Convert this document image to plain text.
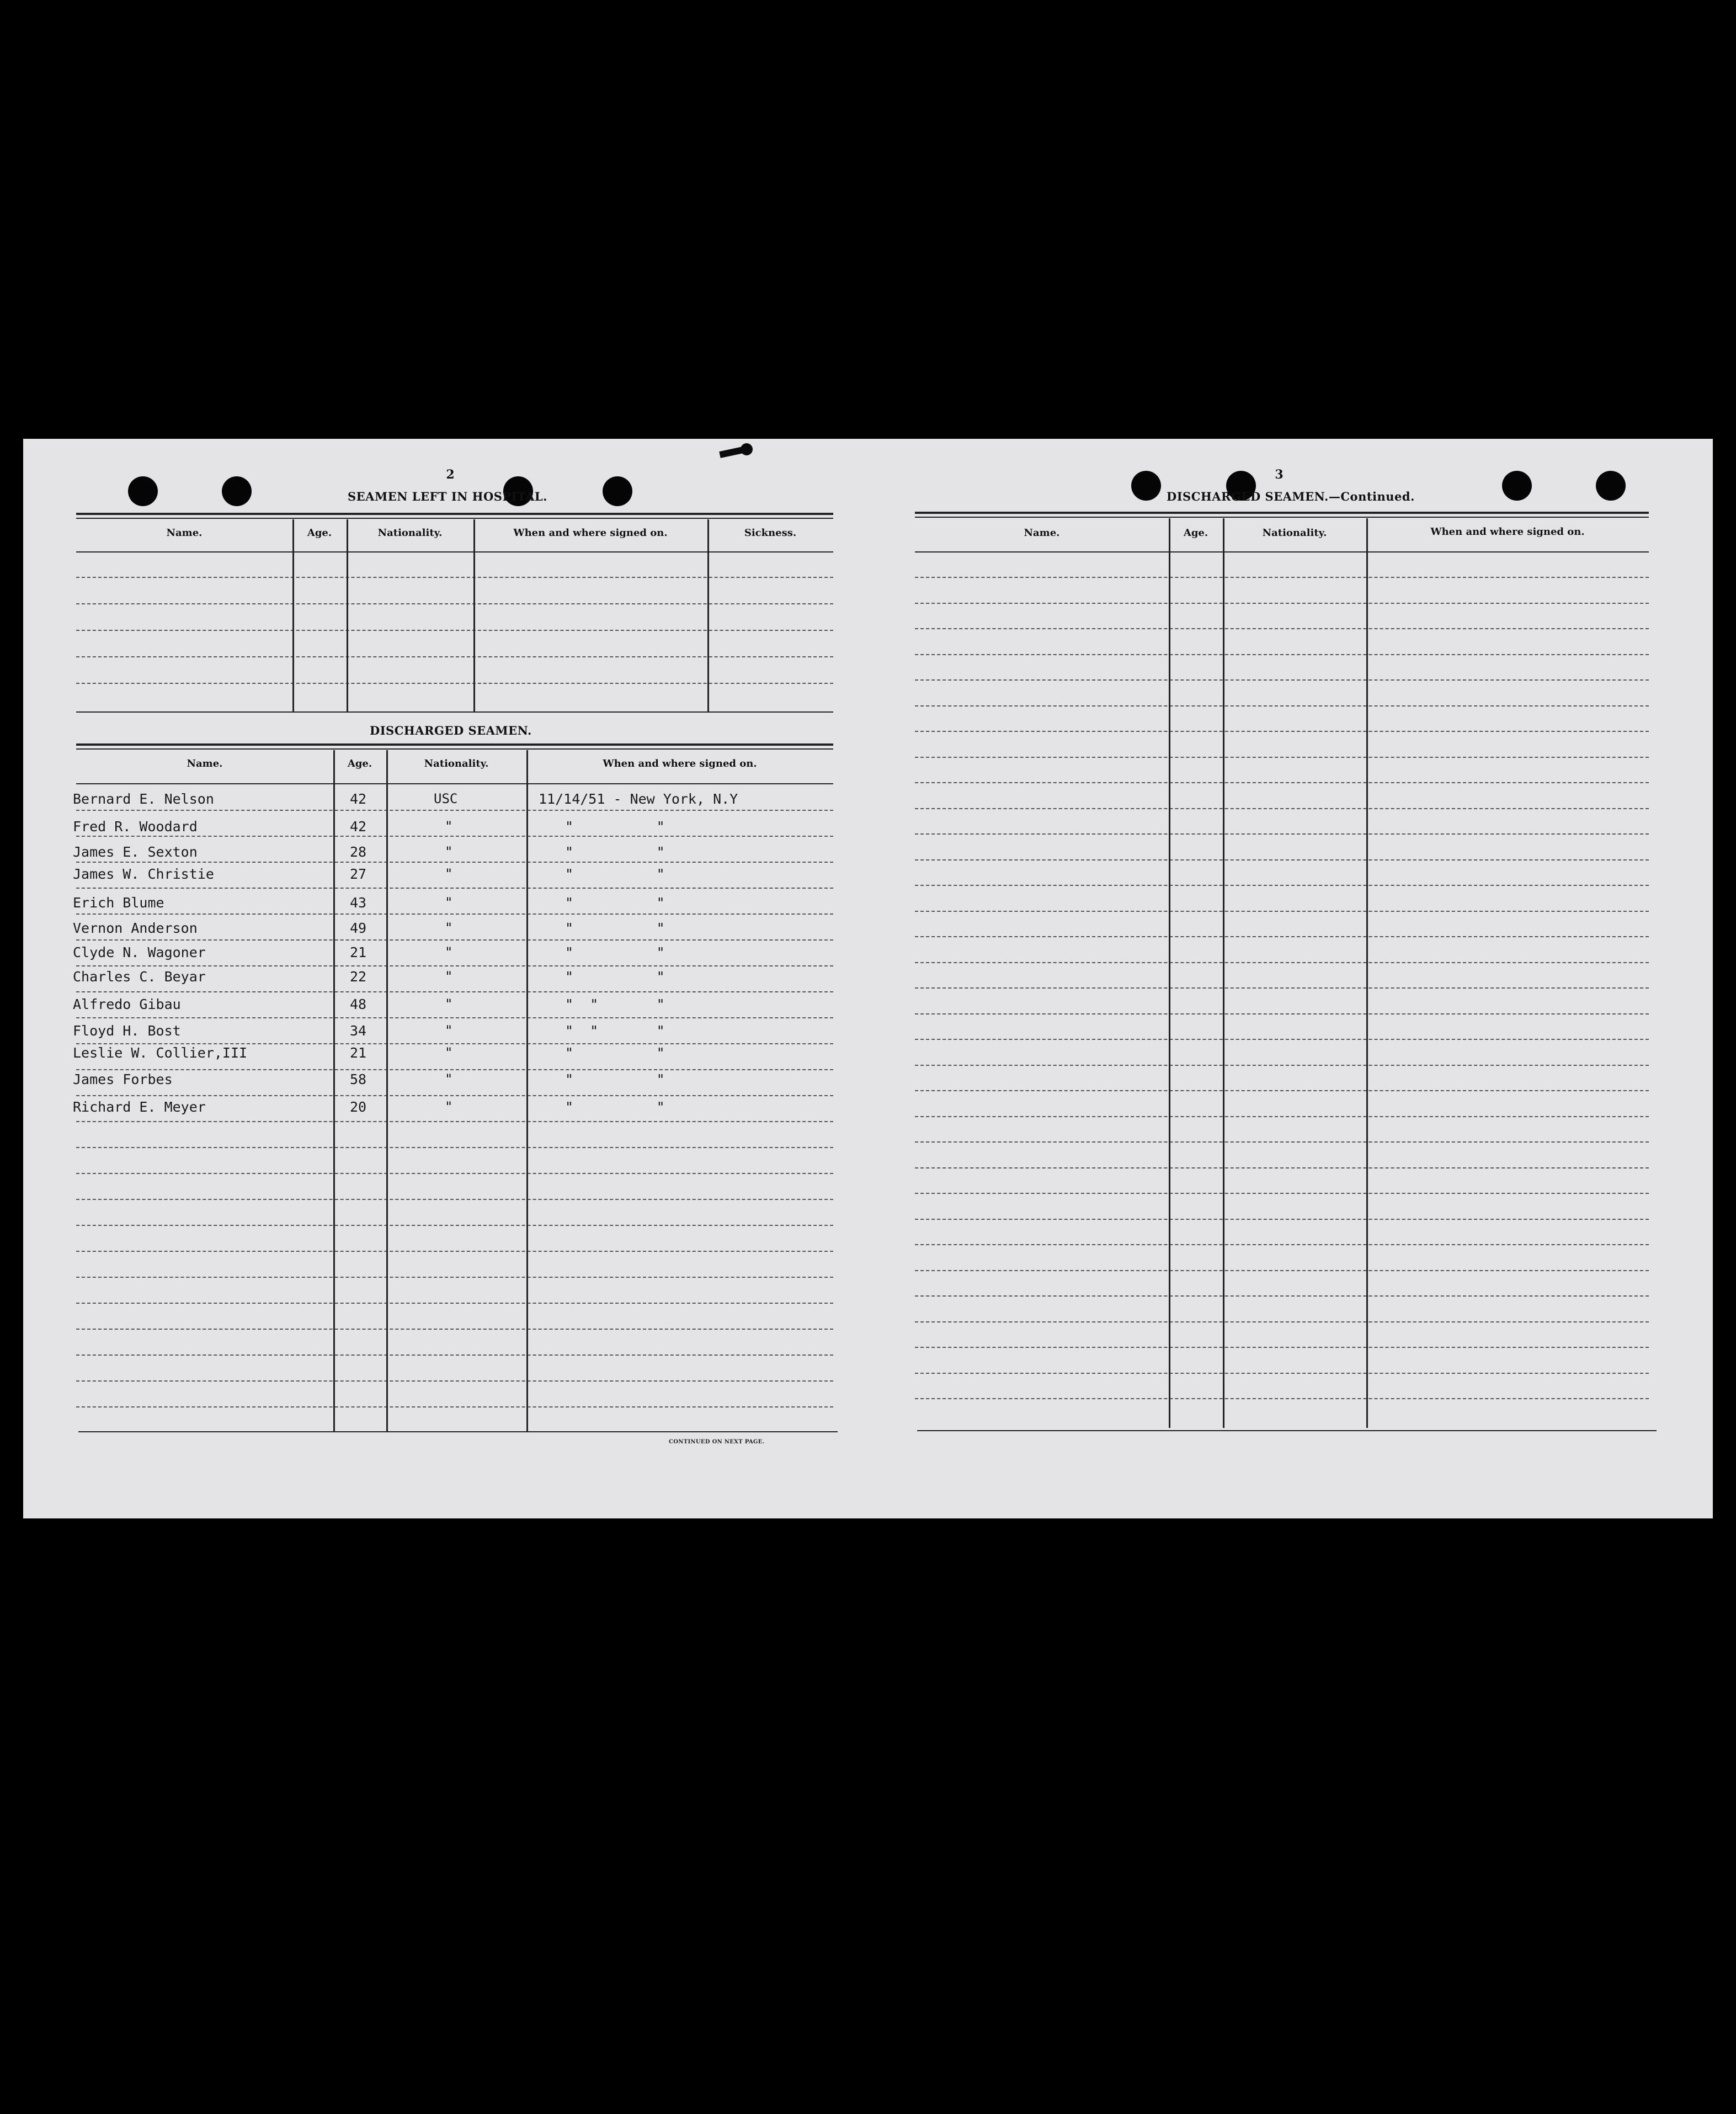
2
SEAMEN LEFT IN HOSPITAL.
Name.	Age.	Nationality.	When and where signed on.	Sickness.
DISCHARGED SEAMEN.
Name.	Age.	Nationality.	When and where signed on.
Bernard E. Nelson	42	USC	11/14/51 - New York, N.Y
Fred R. Woodard	42	"	"          "
James E. Sexton	28	"	"          "
James W. Christie	27	"	"          "
Erich Blume	43	"	"          "
Vernon Anderson	49	"	"          "
Clyde N. Wagoner	21	"	"          "
Charles C. Beyar	22	"	"          "
Alfredo Gibau	48	"	"  "       "
Floyd H. Bost	34	"	"  "       "
Leslie W. Collier,III	21	"	"          "
James Forbes	58	"	"          "
Richard E. Meyer	20	"	"          "
CONTINUED ON NEXT PAGE.
3
DISCHARGED SEAMEN.—Continued.
Name.	Age.	Nationality.	When and where signed on.
